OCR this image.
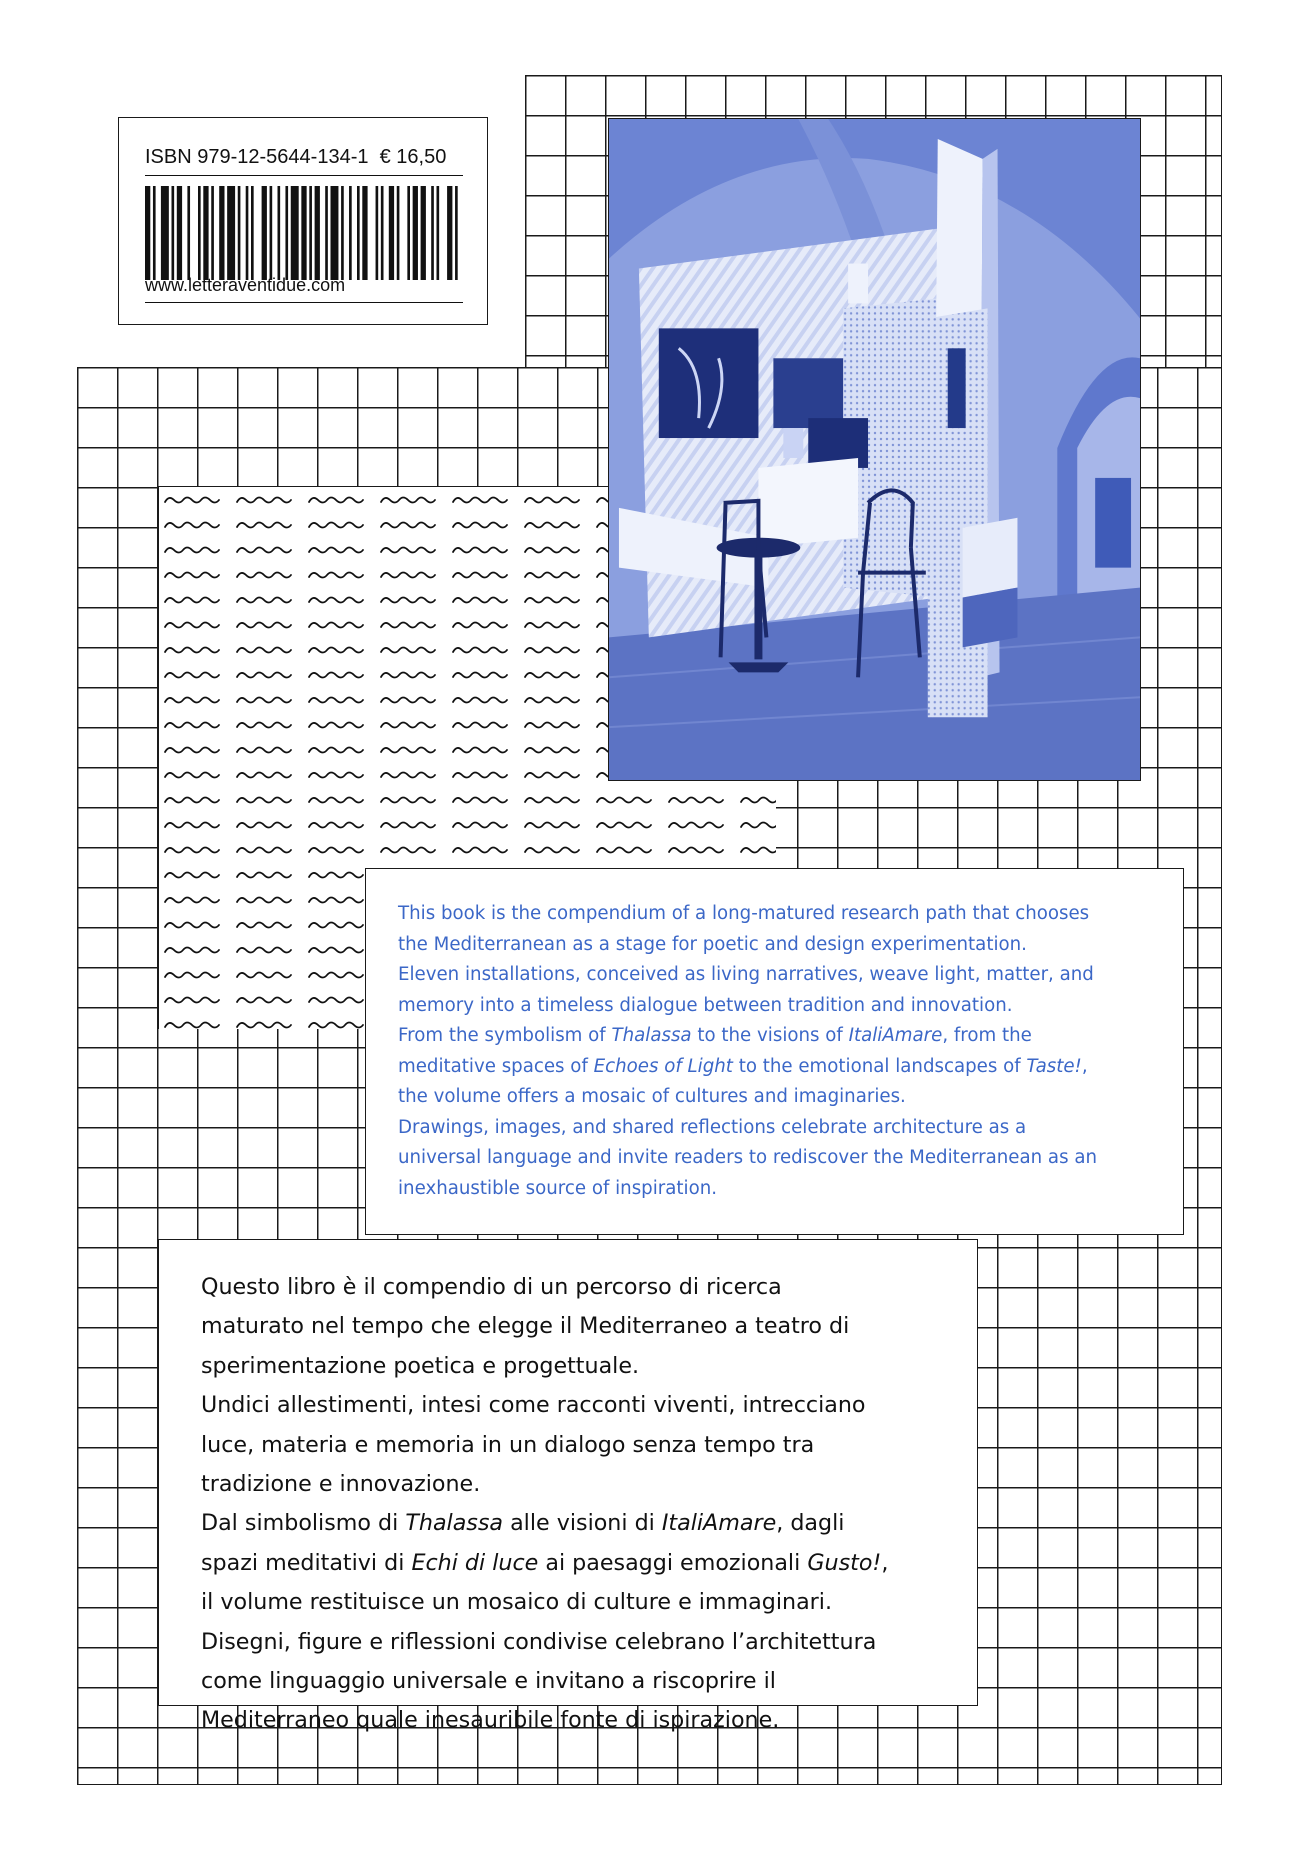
ISBN 979-12-5644-134-1 € 16,50
www.letteraventidue.com
This book is the compendium of a long-matured research path that chooses
the Mediterranean as a stage for poetic and design experimentation.
Eleven installations, conceived as living narratives, weave light, matter, and
memory into a timeless dialogue between tradition and innovation.
From the symbolism of Thalassa to the visions of ItaliAmare, from the
meditative spaces of Echoes of Light to the emotional landscapes of Taste!,
the volume offers a mosaic of cultures and imaginaries.
Drawings, images, and shared reflections celebrate architecture as a
universal language and invite readers to rediscover the Mediterranean as an
inexhaustible source of inspiration.
Questo libro è il compendio di un percorso di ricerca
maturato nel tempo che elegge il Mediterraneo a teatro di
sperimentazione poetica e progettuale.
Undici allestimenti, intesi come racconti viventi, intrecciano
luce, materia e memoria in un dialogo senza tempo tra
tradizione e innovazione.
Dal simbolismo di Thalassa alle visioni di ItaliAmare, dagli
spazi meditativi di Echi di luce ai paesaggi emozionali Gusto!,
il volume restituisce un mosaico di culture e immaginari.
Disegni, figure e riflessioni condivise celebrano l’architettura
come linguaggio universale e invitano a riscoprire il
Mediterraneo quale inesauribile fonte di ispirazione.
